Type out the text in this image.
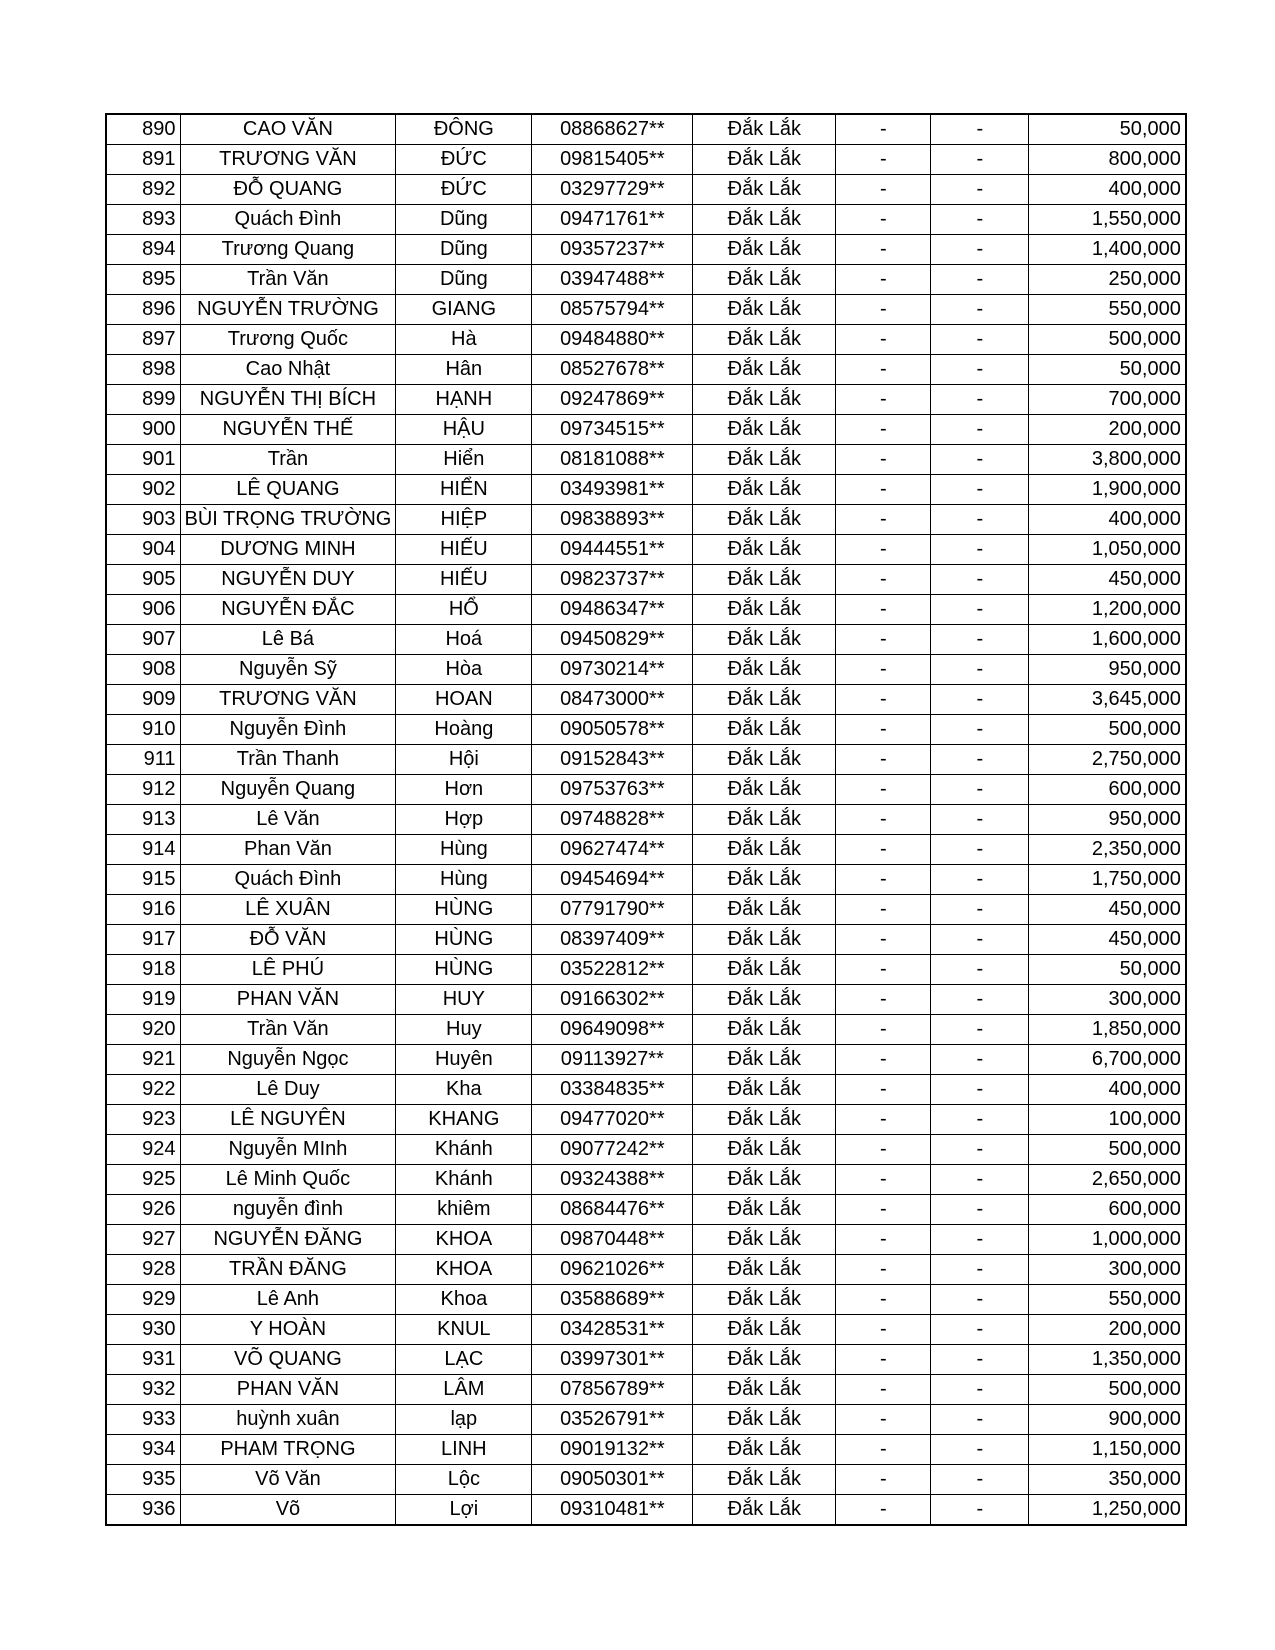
890	CAO VĂN	ĐÔNG	08868627**	Đắk Lắk	-	-	50,000
891	TRƯƠNG VĂN	ĐỨC	09815405**	Đắk Lắk	-	-	800,000
892	ĐỖ QUANG	ĐỨC	03297729**	Đắk Lắk	-	-	400,000
893	Quách Đình	Dũng	09471761**	Đắk Lắk	-	-	1,550,000
894	Trương Quang	Dũng	09357237**	Đắk Lắk	-	-	1,400,000
895	Trần Văn	Dũng	03947488**	Đắk Lắk	-	-	250,000
896	NGUYỄN TRƯỜNG	GIANG	08575794**	Đắk Lắk	-	-	550,000
897	Trương Quốc	Hà	09484880**	Đắk Lắk	-	-	500,000
898	Cao Nhật	Hân	08527678**	Đắk Lắk	-	-	50,000
899	NGUYỄN THỊ BÍCH	HẠNH	09247869**	Đắk Lắk	-	-	700,000
900	NGUYỄN THẾ	HẬU	09734515**	Đắk Lắk	-	-	200,000
901	Trần	Hiển	08181088**	Đắk Lắk	-	-	3,800,000
902	LÊ QUANG	HIỂN	03493981**	Đắk Lắk	-	-	1,900,000
903	BÙI TRỌNG TRƯỜNG	HIỆP	09838893**	Đắk Lắk	-	-	400,000
904	DƯƠNG MINH	HIẾU	09444551**	Đắk Lắk	-	-	1,050,000
905	NGUYỄN DUY	HIẾU	09823737**	Đắk Lắk	-	-	450,000
906	NGUYỄN ĐẮC	HỔ	09486347**	Đắk Lắk	-	-	1,200,000
907	Lê Bá	Hoá	09450829**	Đắk Lắk	-	-	1,600,000
908	Nguyễn Sỹ	Hòa	09730214**	Đắk Lắk	-	-	950,000
909	TRƯƠNG VĂN	HOAN	08473000**	Đắk Lắk	-	-	3,645,000
910	Nguyễn Đình	Hoàng	09050578**	Đắk Lắk	-	-	500,000
911	Trần Thanh	Hội	09152843**	Đắk Lắk	-	-	2,750,000
912	Nguyễn Quang	Hơn	09753763**	Đắk Lắk	-	-	600,000
913	Lê Văn	Hợp	09748828**	Đắk Lắk	-	-	950,000
914	Phan Văn	Hùng	09627474**	Đắk Lắk	-	-	2,350,000
915	Quách Đình	Hùng	09454694**	Đắk Lắk	-	-	1,750,000
916	LÊ XUÂN	HÙNG	07791790**	Đắk Lắk	-	-	450,000
917	ĐỖ VĂN	HÙNG	08397409**	Đắk Lắk	-	-	450,000
918	LÊ PHÚ	HÙNG	03522812**	Đắk Lắk	-	-	50,000
919	PHAN VĂN	HUY	09166302**	Đắk Lắk	-	-	300,000
920	Trần Văn	Huy	09649098**	Đắk Lắk	-	-	1,850,000
921	Nguyễn Ngọc	Huyên	09113927**	Đắk Lắk	-	-	6,700,000
922	Lê Duy	Kha	03384835**	Đắk Lắk	-	-	400,000
923	LÊ NGUYÊN	KHANG	09477020**	Đắk Lắk	-	-	100,000
924	Nguyễn MInh	Khánh	09077242**	Đắk Lắk	-	-	500,000
925	Lê Minh Quốc	Khánh	09324388**	Đắk Lắk	-	-	2,650,000
926	nguyễn đình	khiêm	08684476**	Đắk Lắk	-	-	600,000
927	NGUYỄN ĐĂNG	KHOA	09870448**	Đắk Lắk	-	-	1,000,000
928	TRẦN ĐĂNG	KHOA	09621026**	Đắk Lắk	-	-	300,000
929	Lê Anh	Khoa	03588689**	Đắk Lắk	-	-	550,000
930	Y HOÀN	KNUL	03428531**	Đắk Lắk	-	-	200,000
931	VÕ QUANG	LẠC	03997301**	Đắk Lắk	-	-	1,350,000
932	PHAN VĂN	LÂM	07856789**	Đắk Lắk	-	-	500,000
933	huỳnh xuân	lạp	03526791**	Đắk Lắk	-	-	900,000
934	PHAM TRỌNG	LINH	09019132**	Đắk Lắk	-	-	1,150,000
935	Võ Văn	Lộc	09050301**	Đắk Lắk	-	-	350,000
936	Võ	Lợi	09310481**	Đắk Lắk	-	-	1,250,000
